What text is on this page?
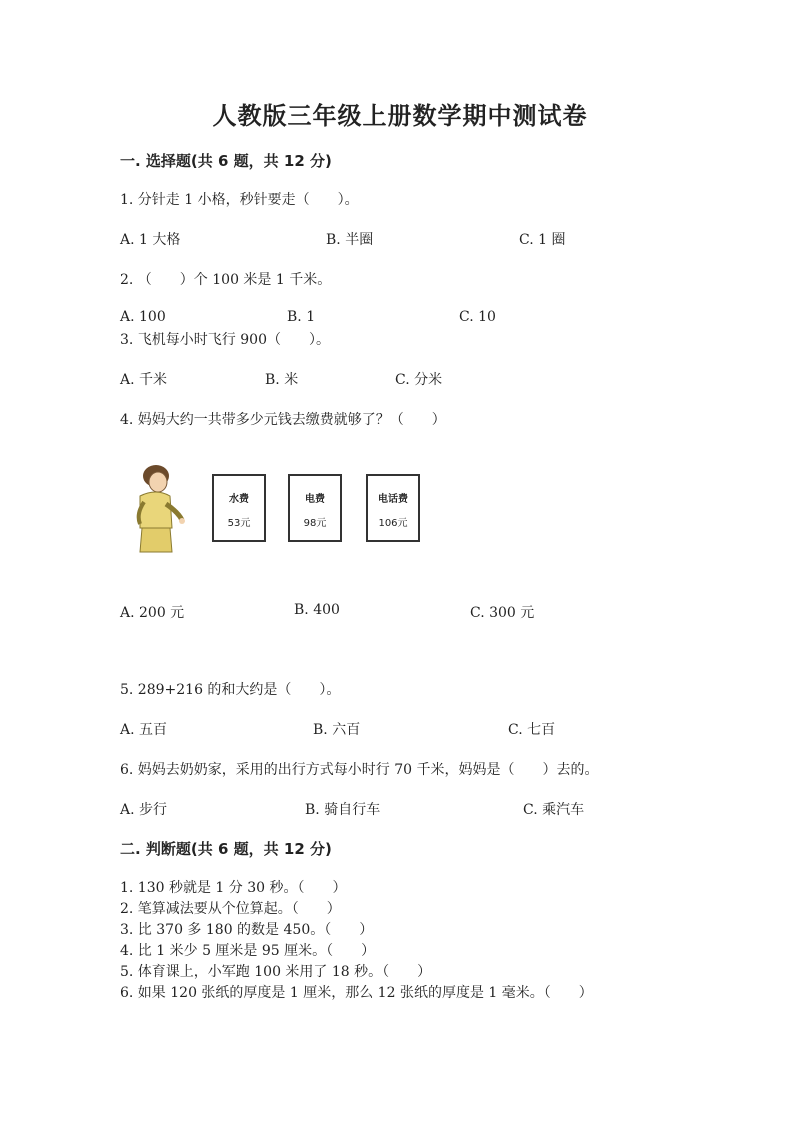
人教版三年级上册数学期中测试卷
一. 选择题(共 6 题，共 12 分)
1. 分针走 1 小格，秒针要走（　　）。
A. 1 大格	B. 半圈	C. 1 圈
2. （　　）个 100 米是 1 千米。
A. 100	B. 1	C. 10
3. 飞机每小时飞行 900（　　）。
A. 千米	B. 米	C. 分米
4. 妈妈大约一共带多少元钱去缴费就够了？（　　）
水费
53元
电费
98元
电话费
106元
A. 200 元	B. 400	C. 300 元
5. 289+216 的和大约是（　　）。
A. 五百	B. 六百	C. 七百
6. 妈妈去奶奶家，采用的出行方式每小时行 70 千米，妈妈是（　　）去的。
A. 步行	B. 骑自行车	C. 乘汽车
二. 判断题(共 6 题，共 12 分)
1. 130 秒就是 1 分 30 秒。（　　）
2. 笔算减法要从个位算起。（　　）
3. 比 370 多 180 的数是 450。（　　）
4. 比 1 米少 5 厘米是 95 厘米。（　　）
5. 体育课上，小军跑 100 米用了 18 秒。（　　）
6. 如果 120 张纸的厚度是 1 厘米，那么 12 张纸的厚度是 1 毫米。（　　）
